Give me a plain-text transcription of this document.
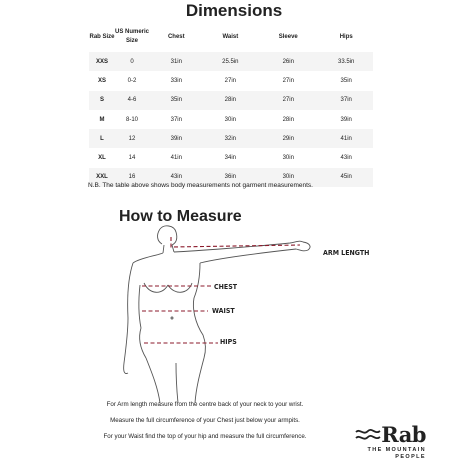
Dimensions
Rab Size	US Numeric Size	Chest	Waist	Sleeve	Hips
XXS	0	31in	25.5in	26in	33.5in
XS	0-2	33in	27in	27in	35in
S	4-6	35in	28in	27in	37in
M	8-10	37in	30in	28in	39in
L	12	39in	32in	29in	41in
XL	14	41in	34in	30in	43in
XXL	16	43in	36in	30in	45in

N.B. The table above shows body measurements not garment measurements.

How to Measure
ARM LENGTH
CHEST
WAIST
HIPS

For Arm length measure from the centre back of your neck to your wrist.

Measure the full circumference of your Chest just below your armpits.

For your Waist find the top of your hip and measure the full circumference.	Rab
THE MOUNTAIN
PEOPLE
